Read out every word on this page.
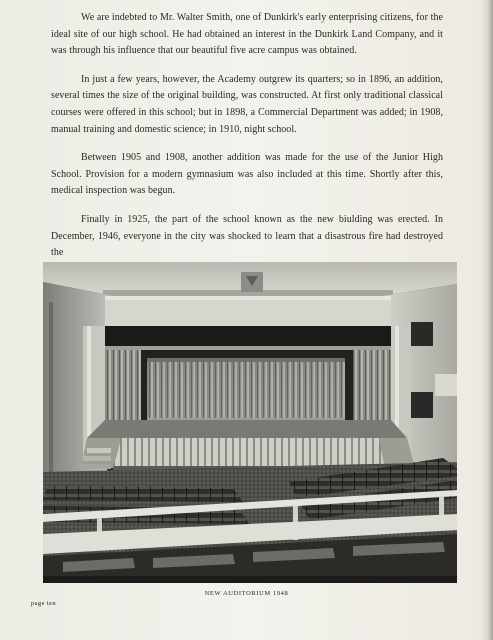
We are indebted to Mr. Walter Smith, one of Dunkirk's early enterprising citizens, for the ideal site of our high school. He had obtained an interest in the Dunkirk Land Company, and it was through his influence that our beautiful five acre campus was obtained.

In just a few years, however, the Academy outgrew its quarters; so in 1896, an addition, several times the size of the original building, was constructed. At first only traditional classical courses were offered in this school; but in 1898, a Commercial Department was added; in 1908, manual training and domestic science; in 1910, night school.

Between 1905 and 1908, another addition was made for the use of the Junior High School. Provision for a modern gymnasium was also included at this time. Shortly after this, medical inspection was begun.

Finally in 1925, the part of the school known as the new biulding was erected. In December, 1946, everyone in the city was shocked to learn that a disastrous fire had destroyed the

NEW AUDITORIUM 1948
page ten
